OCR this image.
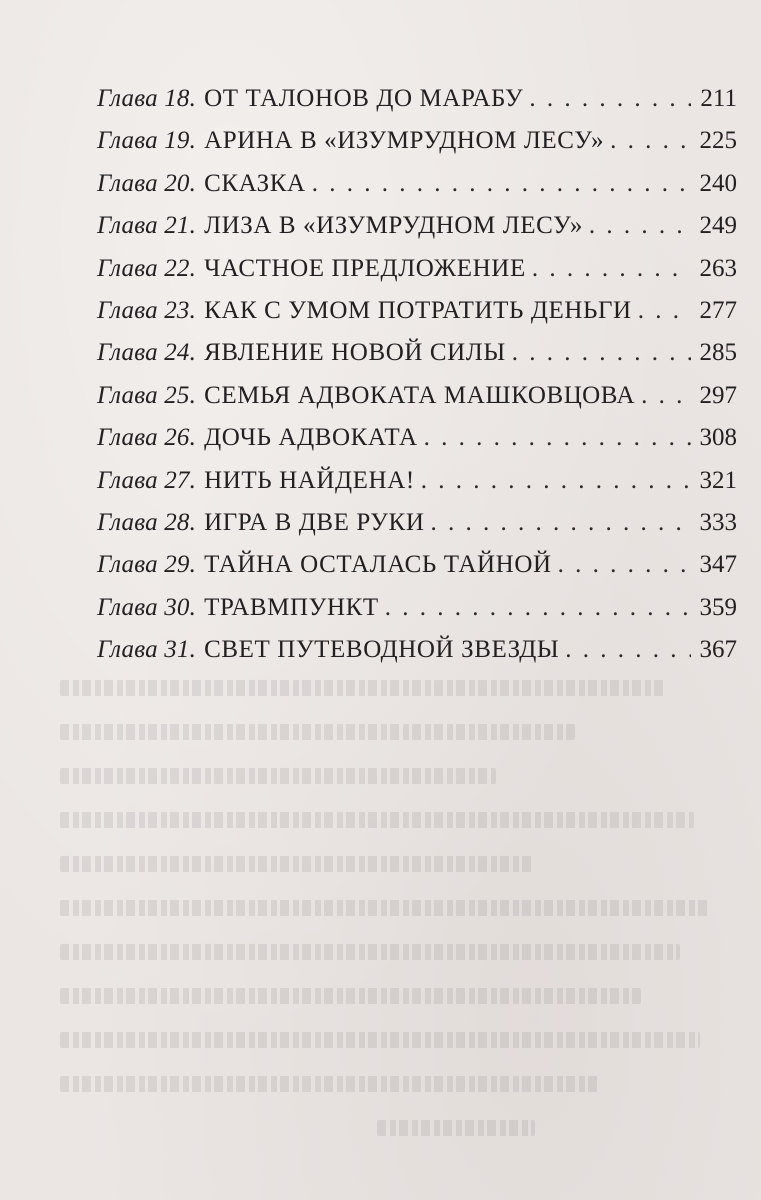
Глава 18. ОТ ТАЛОНОВ ДО МАРАБУ . . .	211
Глава 19. АРИНА В «ИЗУМРУДНОМ ЛЕСУ» . . .	225
Глава 20. СКАЗКА . . .	240
Глава 21. ЛИЗА В «ИЗУМРУДНОМ ЛЕСУ» . . .	249
Глава 22. ЧАСТНОЕ ПРЕДЛОЖЕНИЕ . . .	263
Глава 23. КАК С УМОМ ПОТРАТИТЬ ДЕНЬГИ . . .	277
Глава 24. ЯВЛЕНИЕ НОВОЙ СИЛЫ . . .	285
Глава 25. СЕМЬЯ АДВОКАТА МАШКОВЦОВА . . .	297
Глава 26. ДОЧЬ АДВОКАТА . . .	308
Глава 27. НИТЬ НАЙДЕНА! . . .	321
Глава 28. ИГРА В ДВЕ РУКИ . . .	333
Глава 29. ТАЙНА ОСТАЛАСЬ ТАЙНОЙ . . .	347
Глава 30. ТРАВМПУНКТ . . .	359
Глава 31. СВЕТ ПУТЕВОДНОЙ ЗВЕЗДЫ . . .	367
